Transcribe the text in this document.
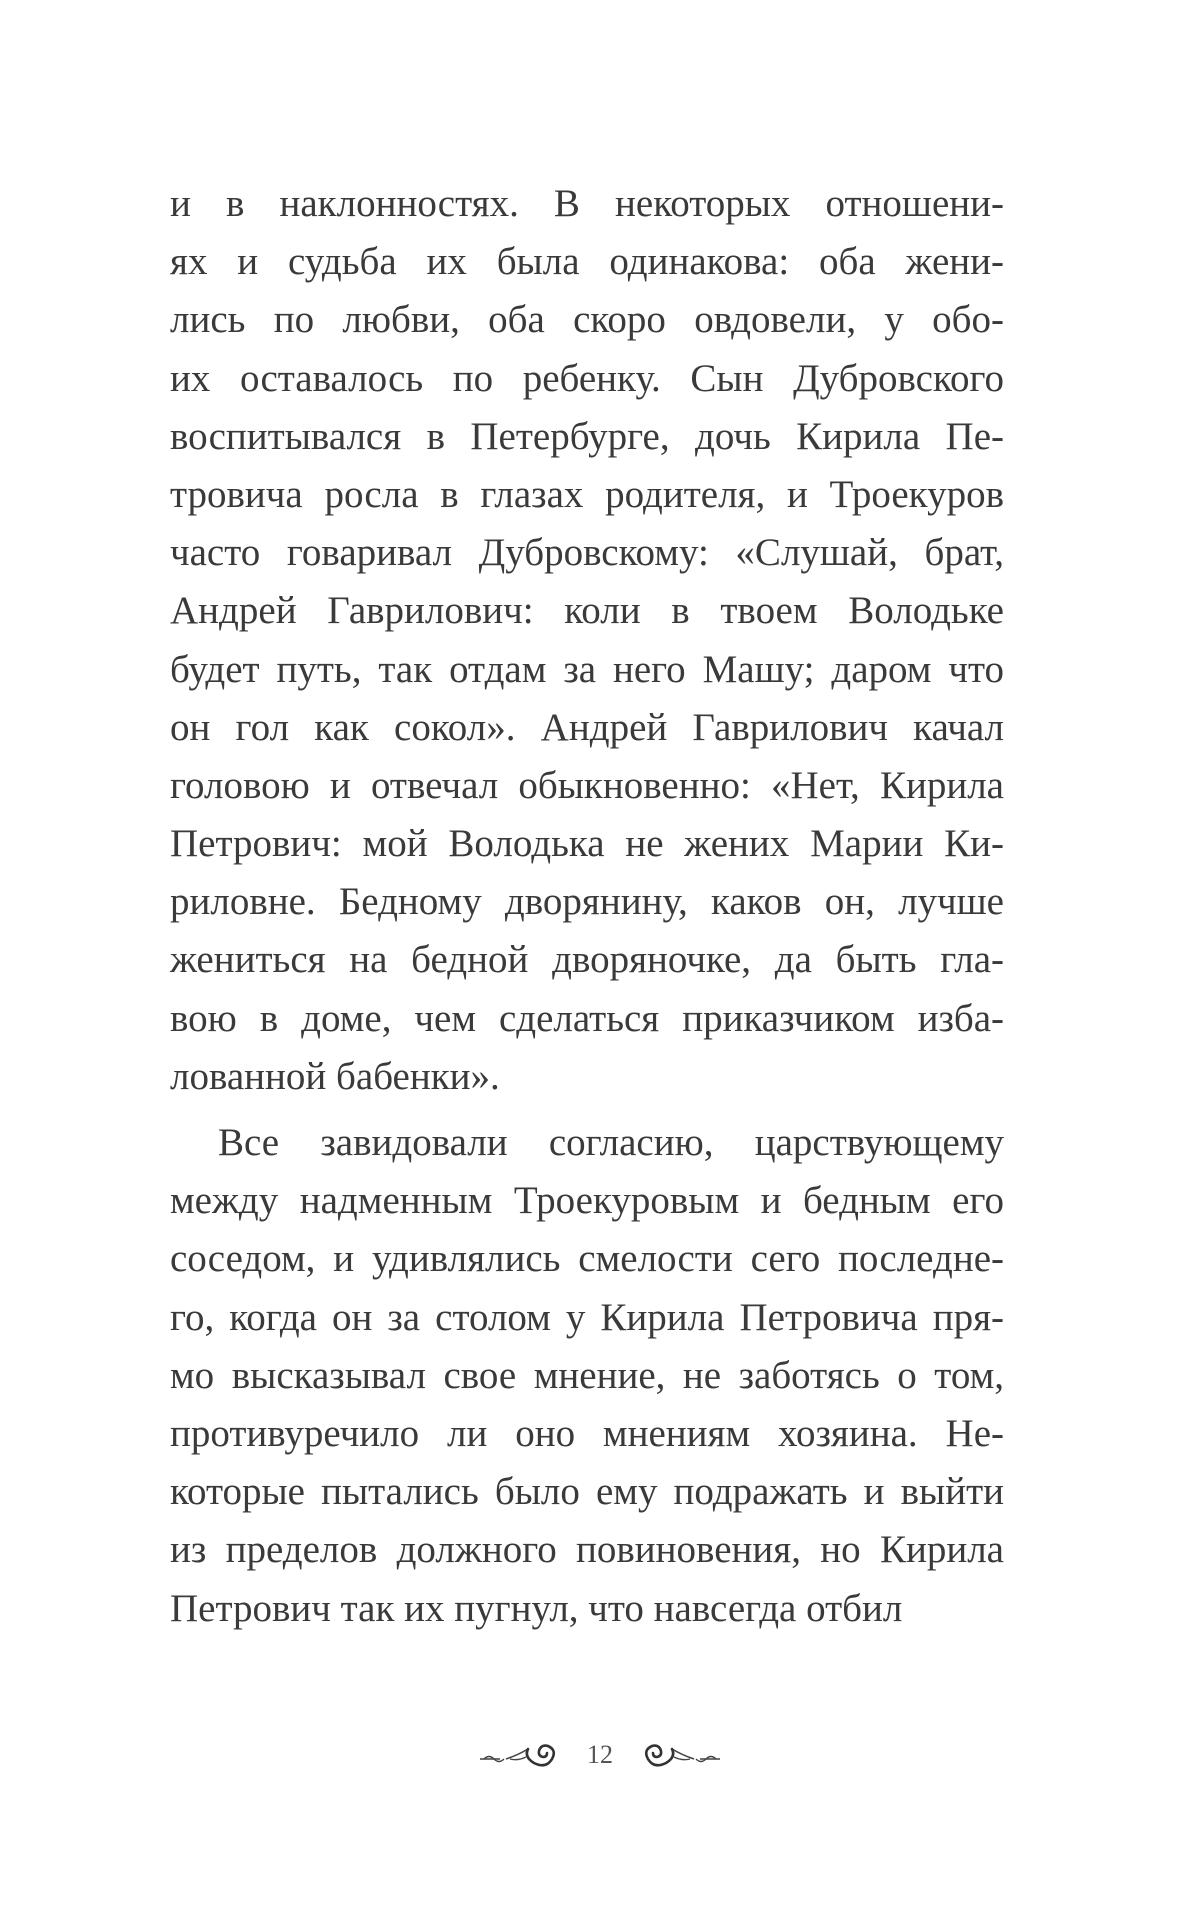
и в наклонностях. В некоторых отношени-
ях и судьба их была одинакова: оба жени-
лись по любви, оба скоро овдовели, у обо-
их оставалось по ребенку. Сын Дубровского
воспитывался в Петербурге, дочь Кирила Пе-
тровича росла в глазах родителя, и Троекуров
часто говаривал Дубровскому: «Слушай, брат,
Андрей Гаврилович: коли в твоем Володьке
будет путь, так отдам за него Машу; даром что
он гол как сокол». Андрей Гаврилович качал
головою и отвечал обыкновенно: «Нет, Кирила
Петрович: мой Володька не жених Марии Ки-
риловне. Бедному дворянину, каков он, лучше
жениться на бедной дворяночке, да быть гла-
вою в доме, чем сделаться приказчиком изба-
лованной бабенки».
Все завидовали согласию, царствующему
между надменным Троекуровым и бедным его
соседом, и удивлялись смелости сего последне-
го, когда он за столом у Кирила Петровича пря-
мо высказывал свое мнение, не заботясь о том,
противуречило ли оно мнениям хозяина. Не-
которые пытались было ему подражать и выйти
из пределов должного повиновения, но Кирила
Петрович так их пугнул, что навсегда отбил
12
